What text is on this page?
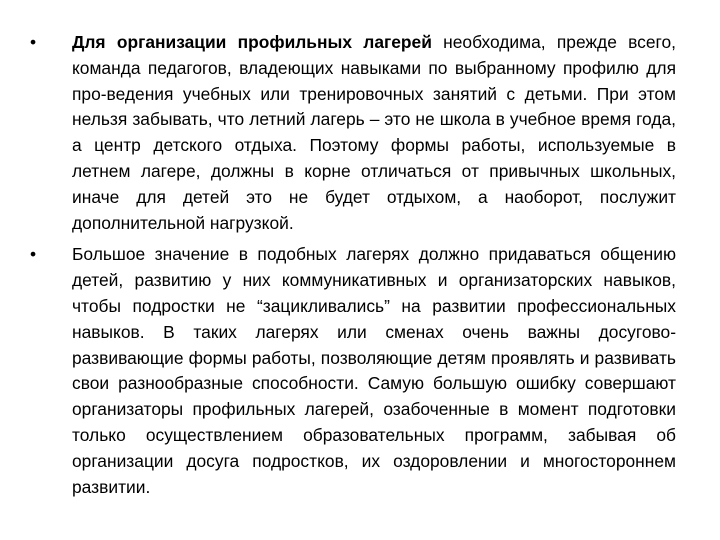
• Для организации профильных лагерей необходима, прежде всего, команда педагогов, владеющих навыками по выбранному профилю для про-ведения учебных или тренировочных занятий с детьми. При этом нельзя забывать, что летний лагерь – это не школа в учебное время года, а центр детского отдыха. Поэтому формы работы, используемые в летнем лагере, должны в корне отличаться от привычных школьных, иначе для детей это не будет отдыхом, а наоборот, послужит дополнительной нагрузкой.
• Большое значение в подобных лагерях должно придаваться общению детей, развитию у них коммуникативных и организаторских навыков, чтобы подростки не “зацикливались” на развитии профессиональных навыков. В таких лагерях или сменах очень важны досугово-развивающие формы работы, позволяющие детям проявлять и развивать свои разнообразные способности. Самую большую ошибку совершают организаторы профильных лагерей, озабоченные в момент подготовки только осуществлением образовательных программ, забывая об организации досуга подростков, их оздоровлении и многостороннем развитии.
